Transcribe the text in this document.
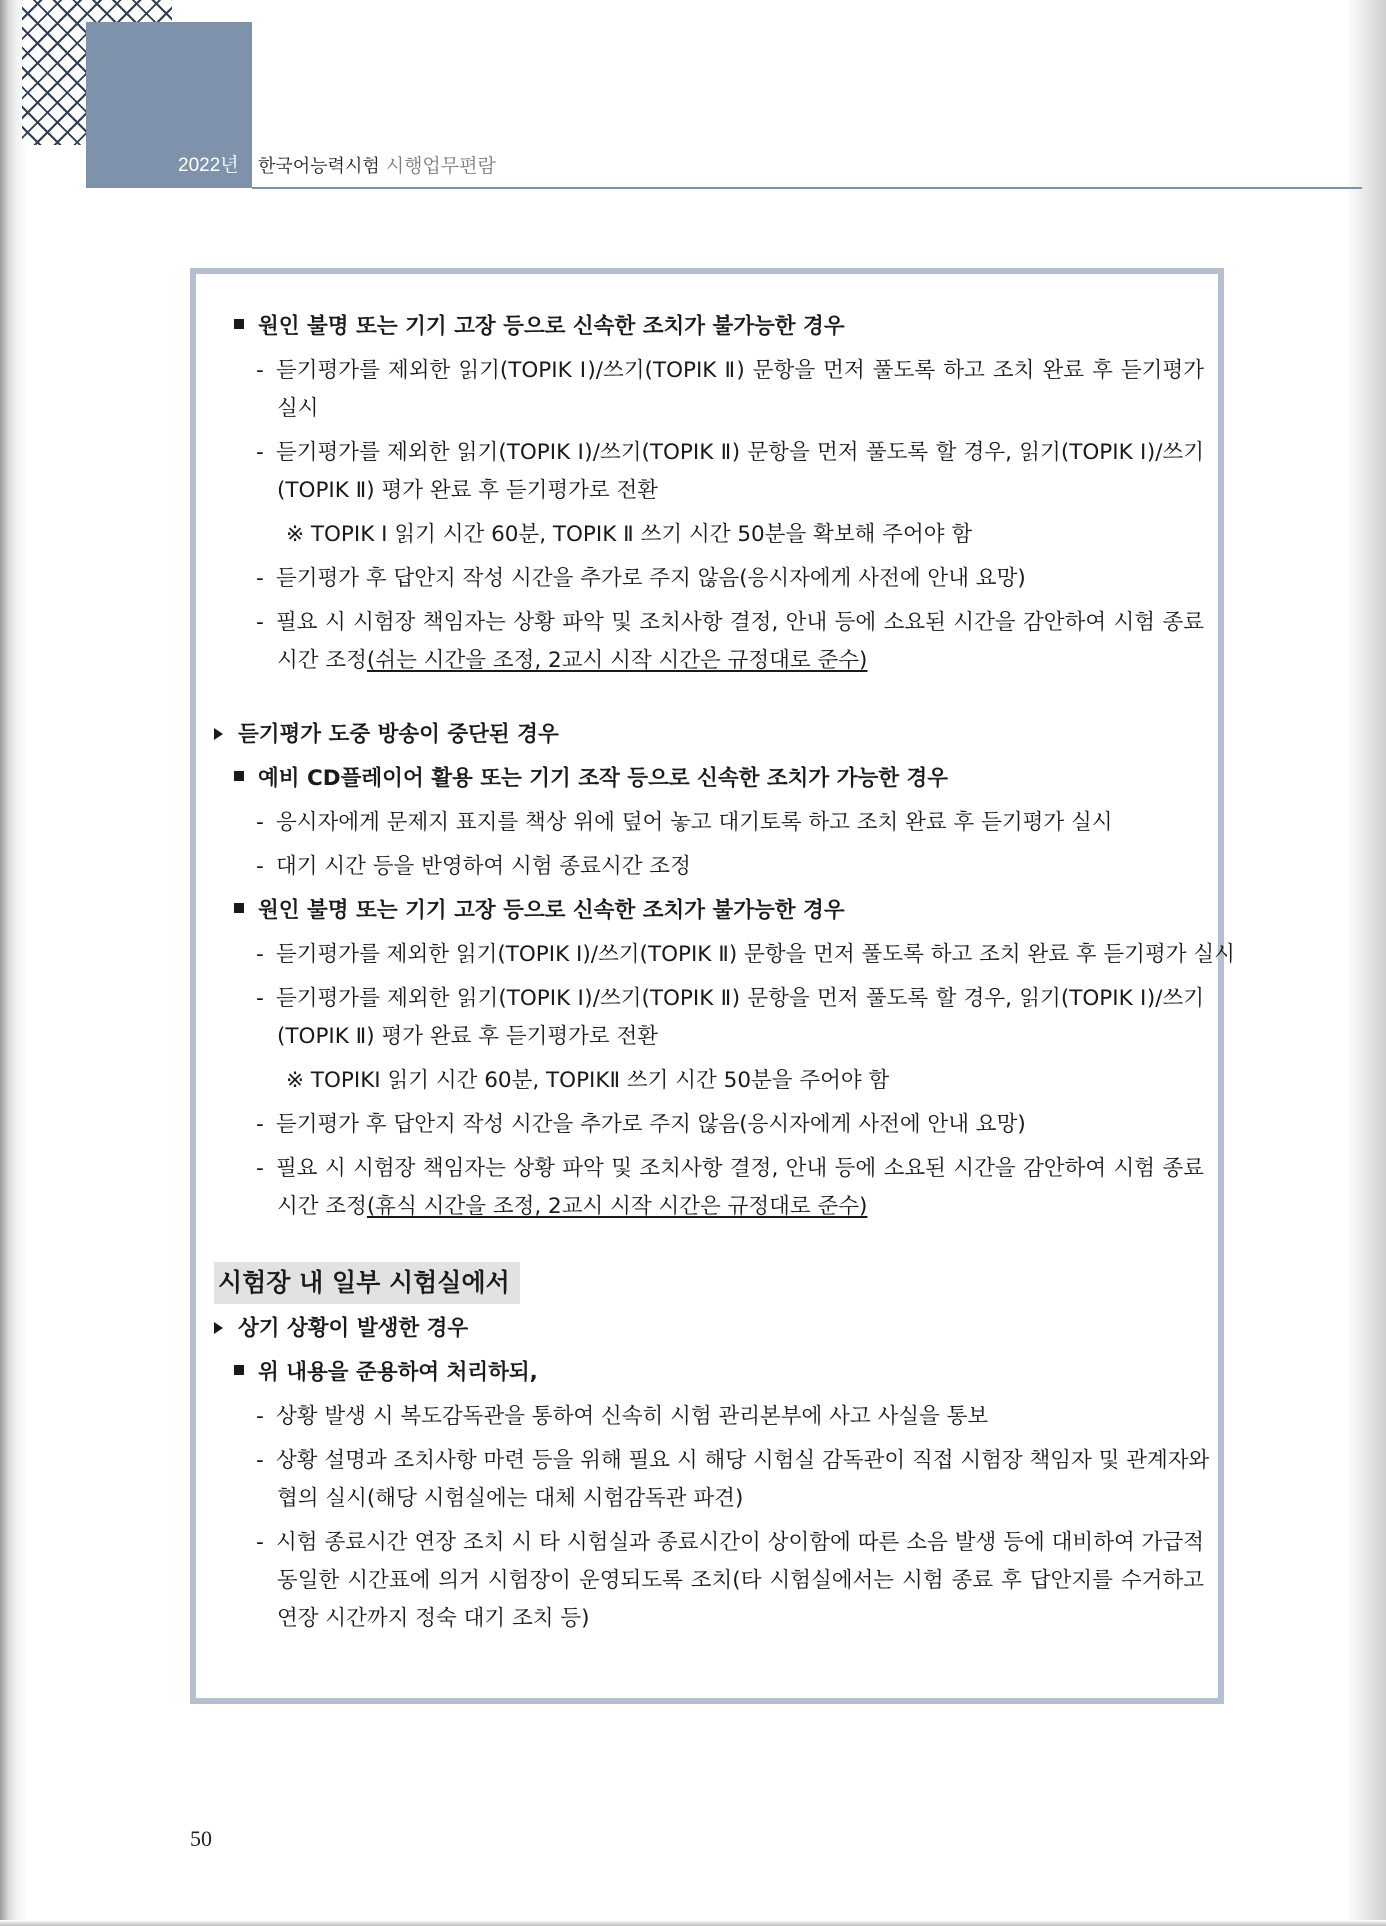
2022년 한국어능력시험 시행업무편람
원인 불명 또는 기기 고장 등으로 신속한 조치가 불가능한 경우
- 듣기평가를 제외한 읽기(TOPIK Ⅰ)/쓰기(TOPIK Ⅱ) 문항을 먼저 풀도록 하고 조치 완료 후 듣기평가
실시
- 듣기평가를 제외한 읽기(TOPIK Ⅰ)/쓰기(TOPIK Ⅱ) 문항을 먼저 풀도록 할 경우, 읽기(TOPIK Ⅰ)/쓰기
(TOPIK Ⅱ) 평가 완료 후 듣기평가로 전환
※ TOPIK Ⅰ 읽기 시간 60분, TOPIK Ⅱ 쓰기 시간 50분을 확보해 주어야 함
- 듣기평가 후 답안지 작성 시간을 추가로 주지 않음(응시자에게 사전에 안내 요망)
- 필요 시 시험장 책임자는 상황 파악 및 조치사항 결정, 안내 등에 소요된 시간을 감안하여 시험 종료
시간 조정(쉬는 시간을 조정, 2교시 시작 시간은 규정대로 준수)
듣기평가 도중 방송이 중단된 경우
예비 CD플레이어 활용 또는 기기 조작 등으로 신속한 조치가 가능한 경우
- 응시자에게 문제지 표지를 책상 위에 덮어 놓고 대기토록 하고 조치 완료 후 듣기평가 실시
- 대기 시간 등을 반영하여 시험 종료시간 조정
원인 불명 또는 기기 고장 등으로 신속한 조치가 불가능한 경우
- 듣기평가를 제외한 읽기(TOPIK Ⅰ)/쓰기(TOPIK Ⅱ) 문항을 먼저 풀도록 하고 조치 완료 후 듣기평가 실시
- 듣기평가를 제외한 읽기(TOPIK Ⅰ)/쓰기(TOPIK Ⅱ) 문항을 먼저 풀도록 할 경우, 읽기(TOPIK Ⅰ)/쓰기
(TOPIK Ⅱ) 평가 완료 후 듣기평가로 전환
※ TOPIKⅠ 읽기 시간 60분, TOPIKⅡ 쓰기 시간 50분을 주어야 함
- 듣기평가 후 답안지 작성 시간을 추가로 주지 않음(응시자에게 사전에 안내 요망)
- 필요 시 시험장 책임자는 상황 파악 및 조치사항 결정, 안내 등에 소요된 시간을 감안하여 시험 종료
시간 조정(휴식 시간을 조정, 2교시 시작 시간은 규정대로 준수)
시험장 내 일부 시험실에서
상기 상황이 발생한 경우
위 내용을 준용하여 처리하되,
- 상황 발생 시 복도감독관을 통하여 신속히 시험 관리본부에 사고 사실을 통보
- 상황 설명과 조치사항 마련 등을 위해 필요 시 해당 시험실 감독관이 직접 시험장 책임자 및 관계자와
협의 실시(해당 시험실에는 대체 시험감독관 파견)
- 시험 종료시간 연장 조치 시 타 시험실과 종료시간이 상이함에 따른 소음 발생 등에 대비하여 가급적
동일한 시간표에 의거 시험장이 운영되도록 조치(타 시험실에서는 시험 종료 후 답안지를 수거하고
연장 시간까지 정숙 대기 조치 등)
50
